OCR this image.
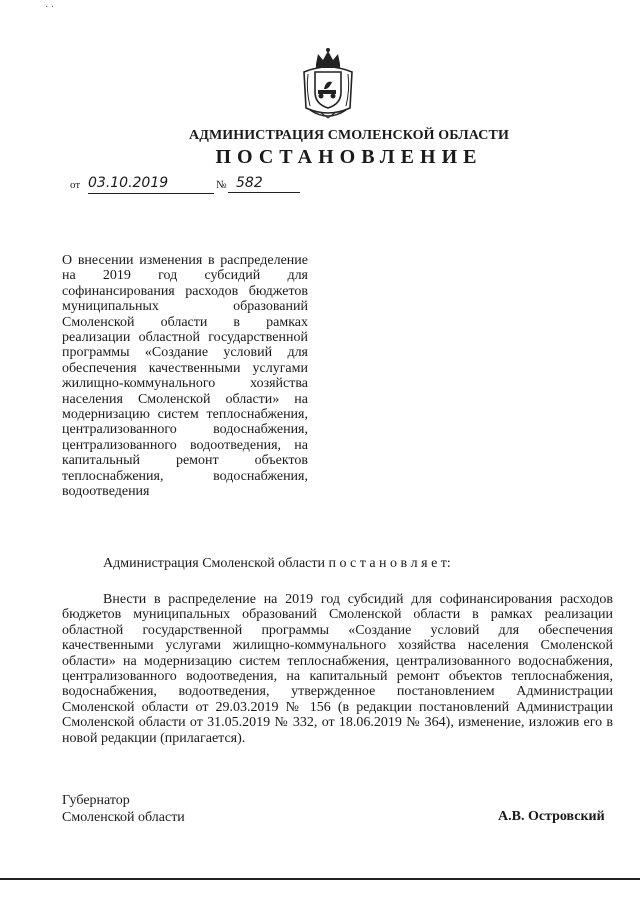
· ·
АДМИНИСТРАЦИЯ СМОЛЕНСКОЙ ОБЛАСТИ
ПОСТАНОВЛЕНИЕ
от 03.10.2019	№ 582
О внесении изменения в распределение на 2019 год субсидий для софинансирования расходов бюджетов муниципальных образований Смоленской области в рамках реализации областной государственной программы «Создание условий для обеспечения качественными услугами жилищно-коммунального хозяйства населения Смоленской области» на модернизацию систем теплоснабжения, централизованного водоснабжения, централизованного водоотведения, на капитальный ремонт объектов теплоснабжения, водоснабжения, водоотведения
Администрация Смоленской области п о с т а н о в л я е т:
Внести в распределение на 2019 год субсидий для софинансирования расходов бюджетов муниципальных образований Смоленской области в рамках реализации областной государственной программы «Создание условий для обеспечения качественными услугами жилищно-коммунального хозяйства населения Смоленской области» на модернизацию систем теплоснабжения, централизованного водоснабжения, централизованного водоотведения, на капитальный ремонт объектов теплоснабжения, водоснабжения, водоотведения, утвержденное постановлением Администрации Смоленской области от 29.03.2019 № 156 (в редакции постановлений Администрации Смоленской области от 31.05.2019 № 332, от 18.06.2019 № 364), изменение, изложив его в новой редакции (прилагается).
Губернатор
Смоленской области	А.В. Островский
